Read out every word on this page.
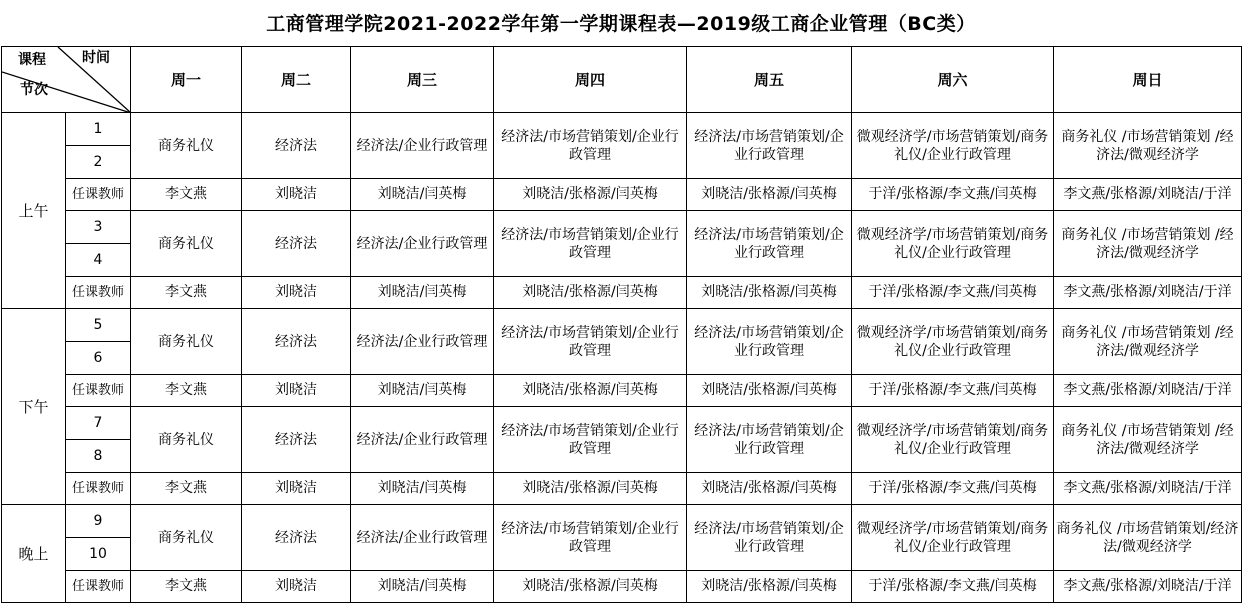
工商管理学院2021-2022学年第一学期课程表—2019级工商企业管理（BC类）
时间
课程
节次		周一	周二	周三	周四	周五	周六	周日
上午	1	商务礼仪	经济法	经济法/企业行政管理	经济法/市场营销策划/企业行政管理	经济法/市场营销策划/企业行政管理	微观经济学/市场营销策划/商务礼仪/企业行政管理	商务礼仪 /市场营销策划 /经济法/微观经济学
	2							
	任课教师	李文燕	刘晓洁	刘晓洁/闫英梅	刘晓洁/张格源/闫英梅	刘晓洁/张格源/闫英梅	于洋/张格源/李文燕/闫英梅	李文燕/张格源/刘晓洁/于洋
	3	商务礼仪	经济法	经济法/企业行政管理	经济法/市场营销策划/企业行政管理	经济法/市场营销策划/企业行政管理	微观经济学/市场营销策划/商务礼仪/企业行政管理	商务礼仪 /市场营销策划 /经济法/微观经济学
	4							
	任课教师	李文燕	刘晓洁	刘晓洁/闫英梅	刘晓洁/张格源/闫英梅	刘晓洁/张格源/闫英梅	于洋/张格源/李文燕/闫英梅	李文燕/张格源/刘晓洁/于洋
下午	5	商务礼仪	经济法	经济法/企业行政管理	经济法/市场营销策划/企业行政管理	经济法/市场营销策划/企业行政管理	微观经济学/市场营销策划/商务礼仪/企业行政管理	商务礼仪 /市场营销策划 /经济法/微观经济学
	6							
	任课教师	李文燕	刘晓洁	刘晓洁/闫英梅	刘晓洁/张格源/闫英梅	刘晓洁/张格源/闫英梅	于洋/张格源/李文燕/闫英梅	李文燕/张格源/刘晓洁/于洋
	7	商务礼仪	经济法	经济法/企业行政管理	经济法/市场营销策划/企业行政管理	经济法/市场营销策划/企业行政管理	微观经济学/市场营销策划/商务礼仪/企业行政管理	商务礼仪 /市场营销策划 /经济法/微观经济学
	8							
	任课教师	李文燕	刘晓洁	刘晓洁/闫英梅	刘晓洁/张格源/闫英梅	刘晓洁/张格源/闫英梅	于洋/张格源/李文燕/闫英梅	李文燕/张格源/刘晓洁/于洋
晚上	9	商务礼仪	经济法	经济法/企业行政管理	经济法/市场营销策划/企业行政管理	经济法/市场营销策划/企业行政管理	微观经济学/市场营销策划/商务礼仪/企业行政管理	商务礼仪 /市场营销策划/经济法/微观经济学
	10							
	任课教师	李文燕	刘晓洁	刘晓洁/闫英梅	刘晓洁/张格源/闫英梅	刘晓洁/张格源/闫英梅	于洋/张格源/李文燕/闫英梅	李文燕/张格源/刘晓洁/于洋
